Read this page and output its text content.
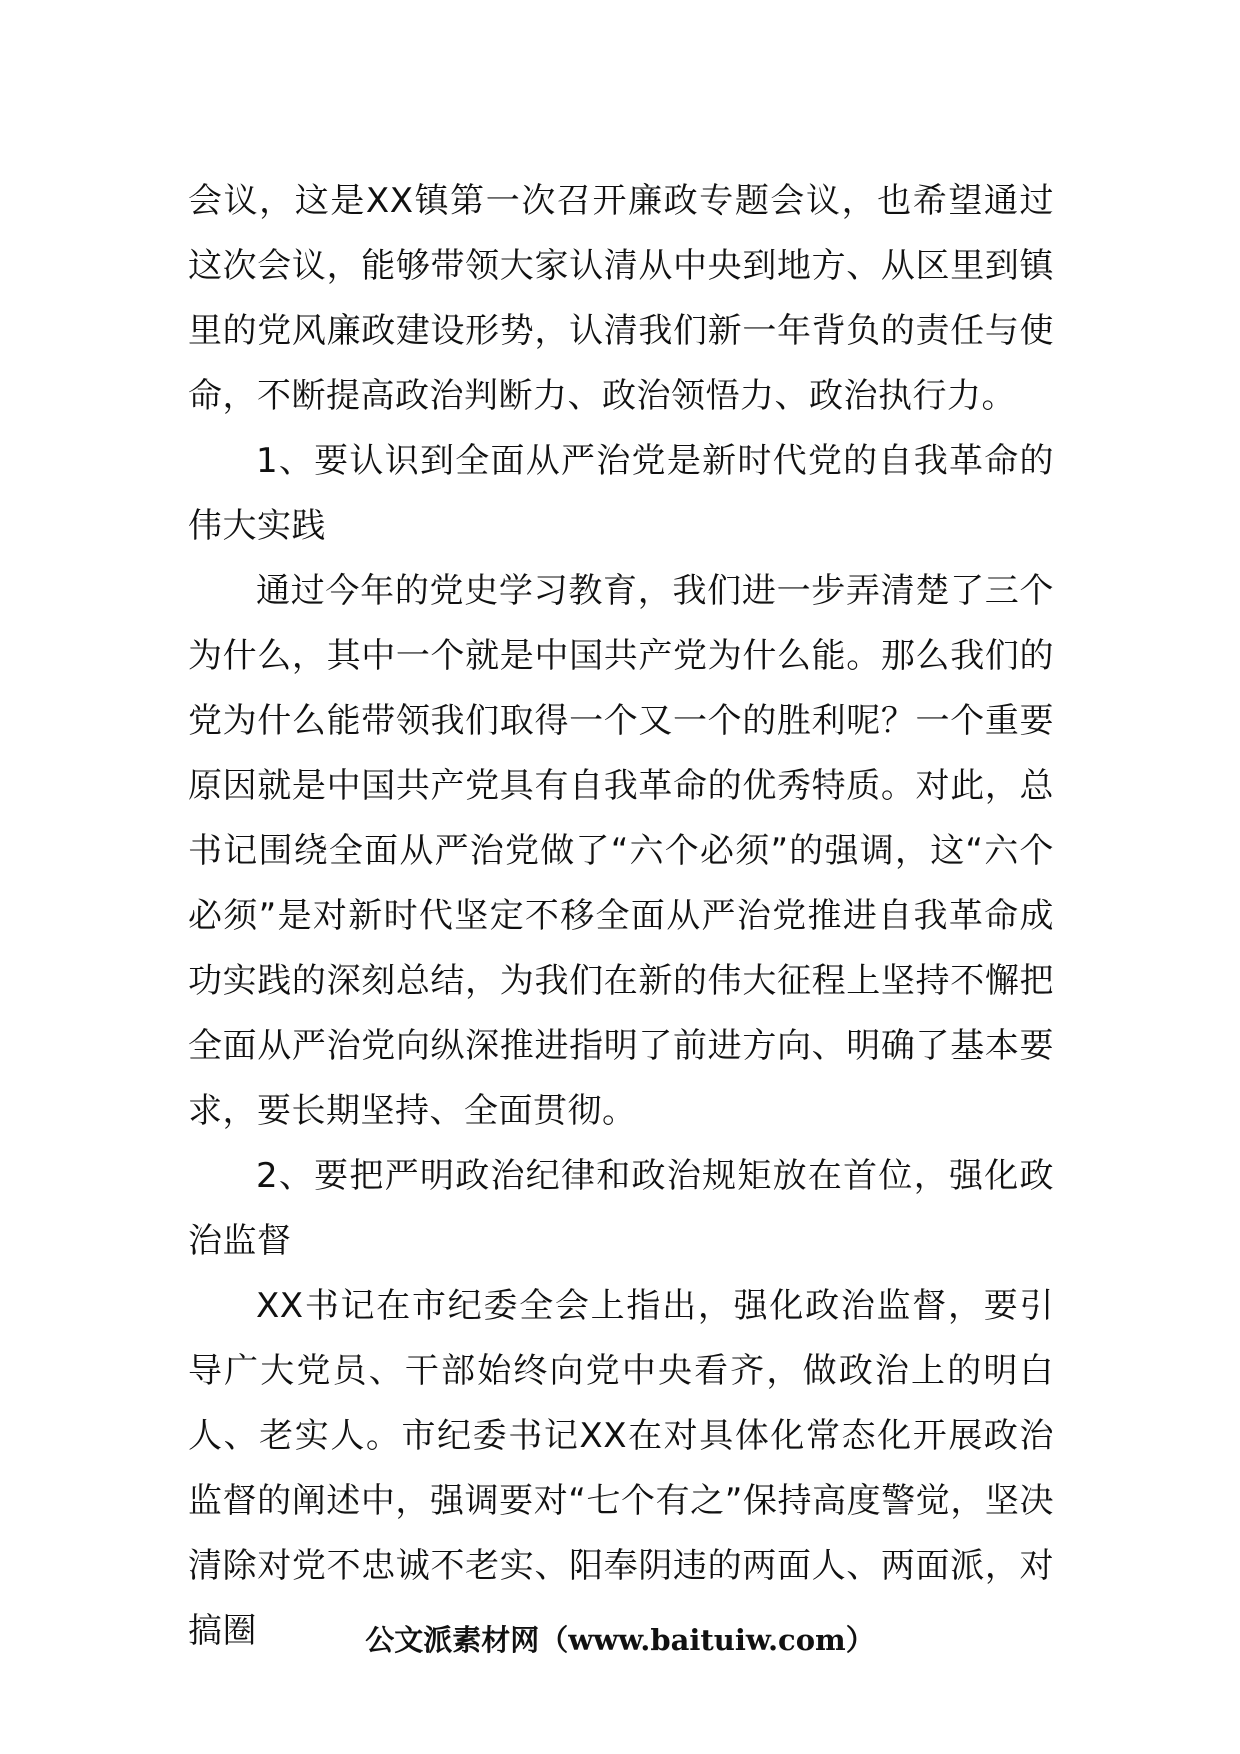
会议，这是XX镇第一次召开廉政专题会议，也希望通过这次会议，能够带领大家认清从中央到地方、从区里到镇里的党风廉政建设形势，认清我们新一年背负的责任与使命，不断提高政治判断力、政治领悟力、政治执行力。

1、要认识到全面从严治党是新时代党的自我革命的伟大实践

通过今年的党史学习教育，我们进一步弄清楚了三个为什么，其中一个就是中国共产党为什么能。那么我们的党为什么能带领我们取得一个又一个的胜利呢？一个重要原因就是中国共产党具有自我革命的优秀特质。对此，总书记围绕全面从严治党做了“六个必须”的强调，这“六个必须”是对新时代坚定不移全面从严治党推进自我革命成功实践的深刻总结，为我们在新的伟大征程上坚持不懈把全面从严治党向纵深推进指明了前进方向、明确了基本要求，要长期坚持、全面贯彻。

2、要把严明政治纪律和政治规矩放在首位，强化政治监督

XX书记在市纪委全会上指出，强化政治监督，要引导广大党员、干部始终向党中央看齐，做政治上的明白人、老实人。市纪委书记XX在对具体化常态化开展政治监督的阐述中，强调要对“七个有之”保持高度警觉，坚决清除对党不忠诚不老实、阳奉阴违的两面人、两面派，对搞圈	公文派素材网（www.baituiw.com）
